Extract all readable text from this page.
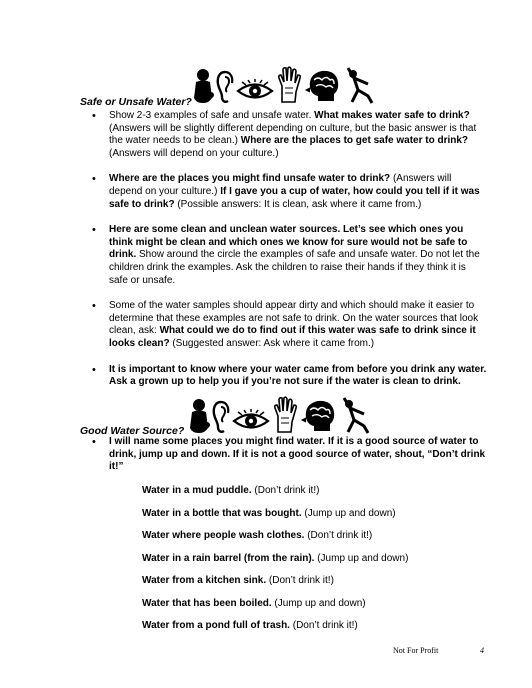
Safe or Unsafe Water?
• Show 2-3 examples of safe and unsafe water. What makes water safe to drink? (Answers will be slightly different depending on culture, but the basic answer is that the water needs to be clean.) Where are the places to get safe water to drink? (Answers will depend on your culture.)
• Where are the places you might find unsafe water to drink? (Answers will depend on your culture.) If I gave you a cup of water, how could you tell if it was safe to drink? (Possible answers: It is clean, ask where it came from.)
• Here are some clean and unclean water sources. Let’s see which ones you think might be clean and which ones we know for sure would not be safe to drink. Show around the circle the examples of safe and unsafe water. Do not let the children drink the examples. Ask the children to raise their hands if they think it is safe or unsafe.
• Some of the water samples should appear dirty and which should make it easier to determine that these examples are not safe to drink. On the water sources that look clean, ask: What could we do to find out if this water was safe to drink since it looks clean? (Suggested answer: Ask where it came from.)
• It is important to know where your water came from before you drink any water. Ask a grown up to help you if you’re not sure if the water is clean to drink.
Good Water Source?
• I will name some places you might find water. If it is a good source of water to drink, jump up and down. If it is not a good source of water, shout, “Don’t drink it!”
Water in a mud puddle. (Don’t drink it!)
Water in a bottle that was bought. (Jump up and down)
Water where people wash clothes. (Don’t drink it!)
Water in a rain barrel (from the rain). (Jump up and down)
Water from a kitchen sink. (Don’t drink it!)
Water that has been boiled. (Jump up and down)
Water from a pond full of trash. (Don’t drink it!)
Not For Profit	4
